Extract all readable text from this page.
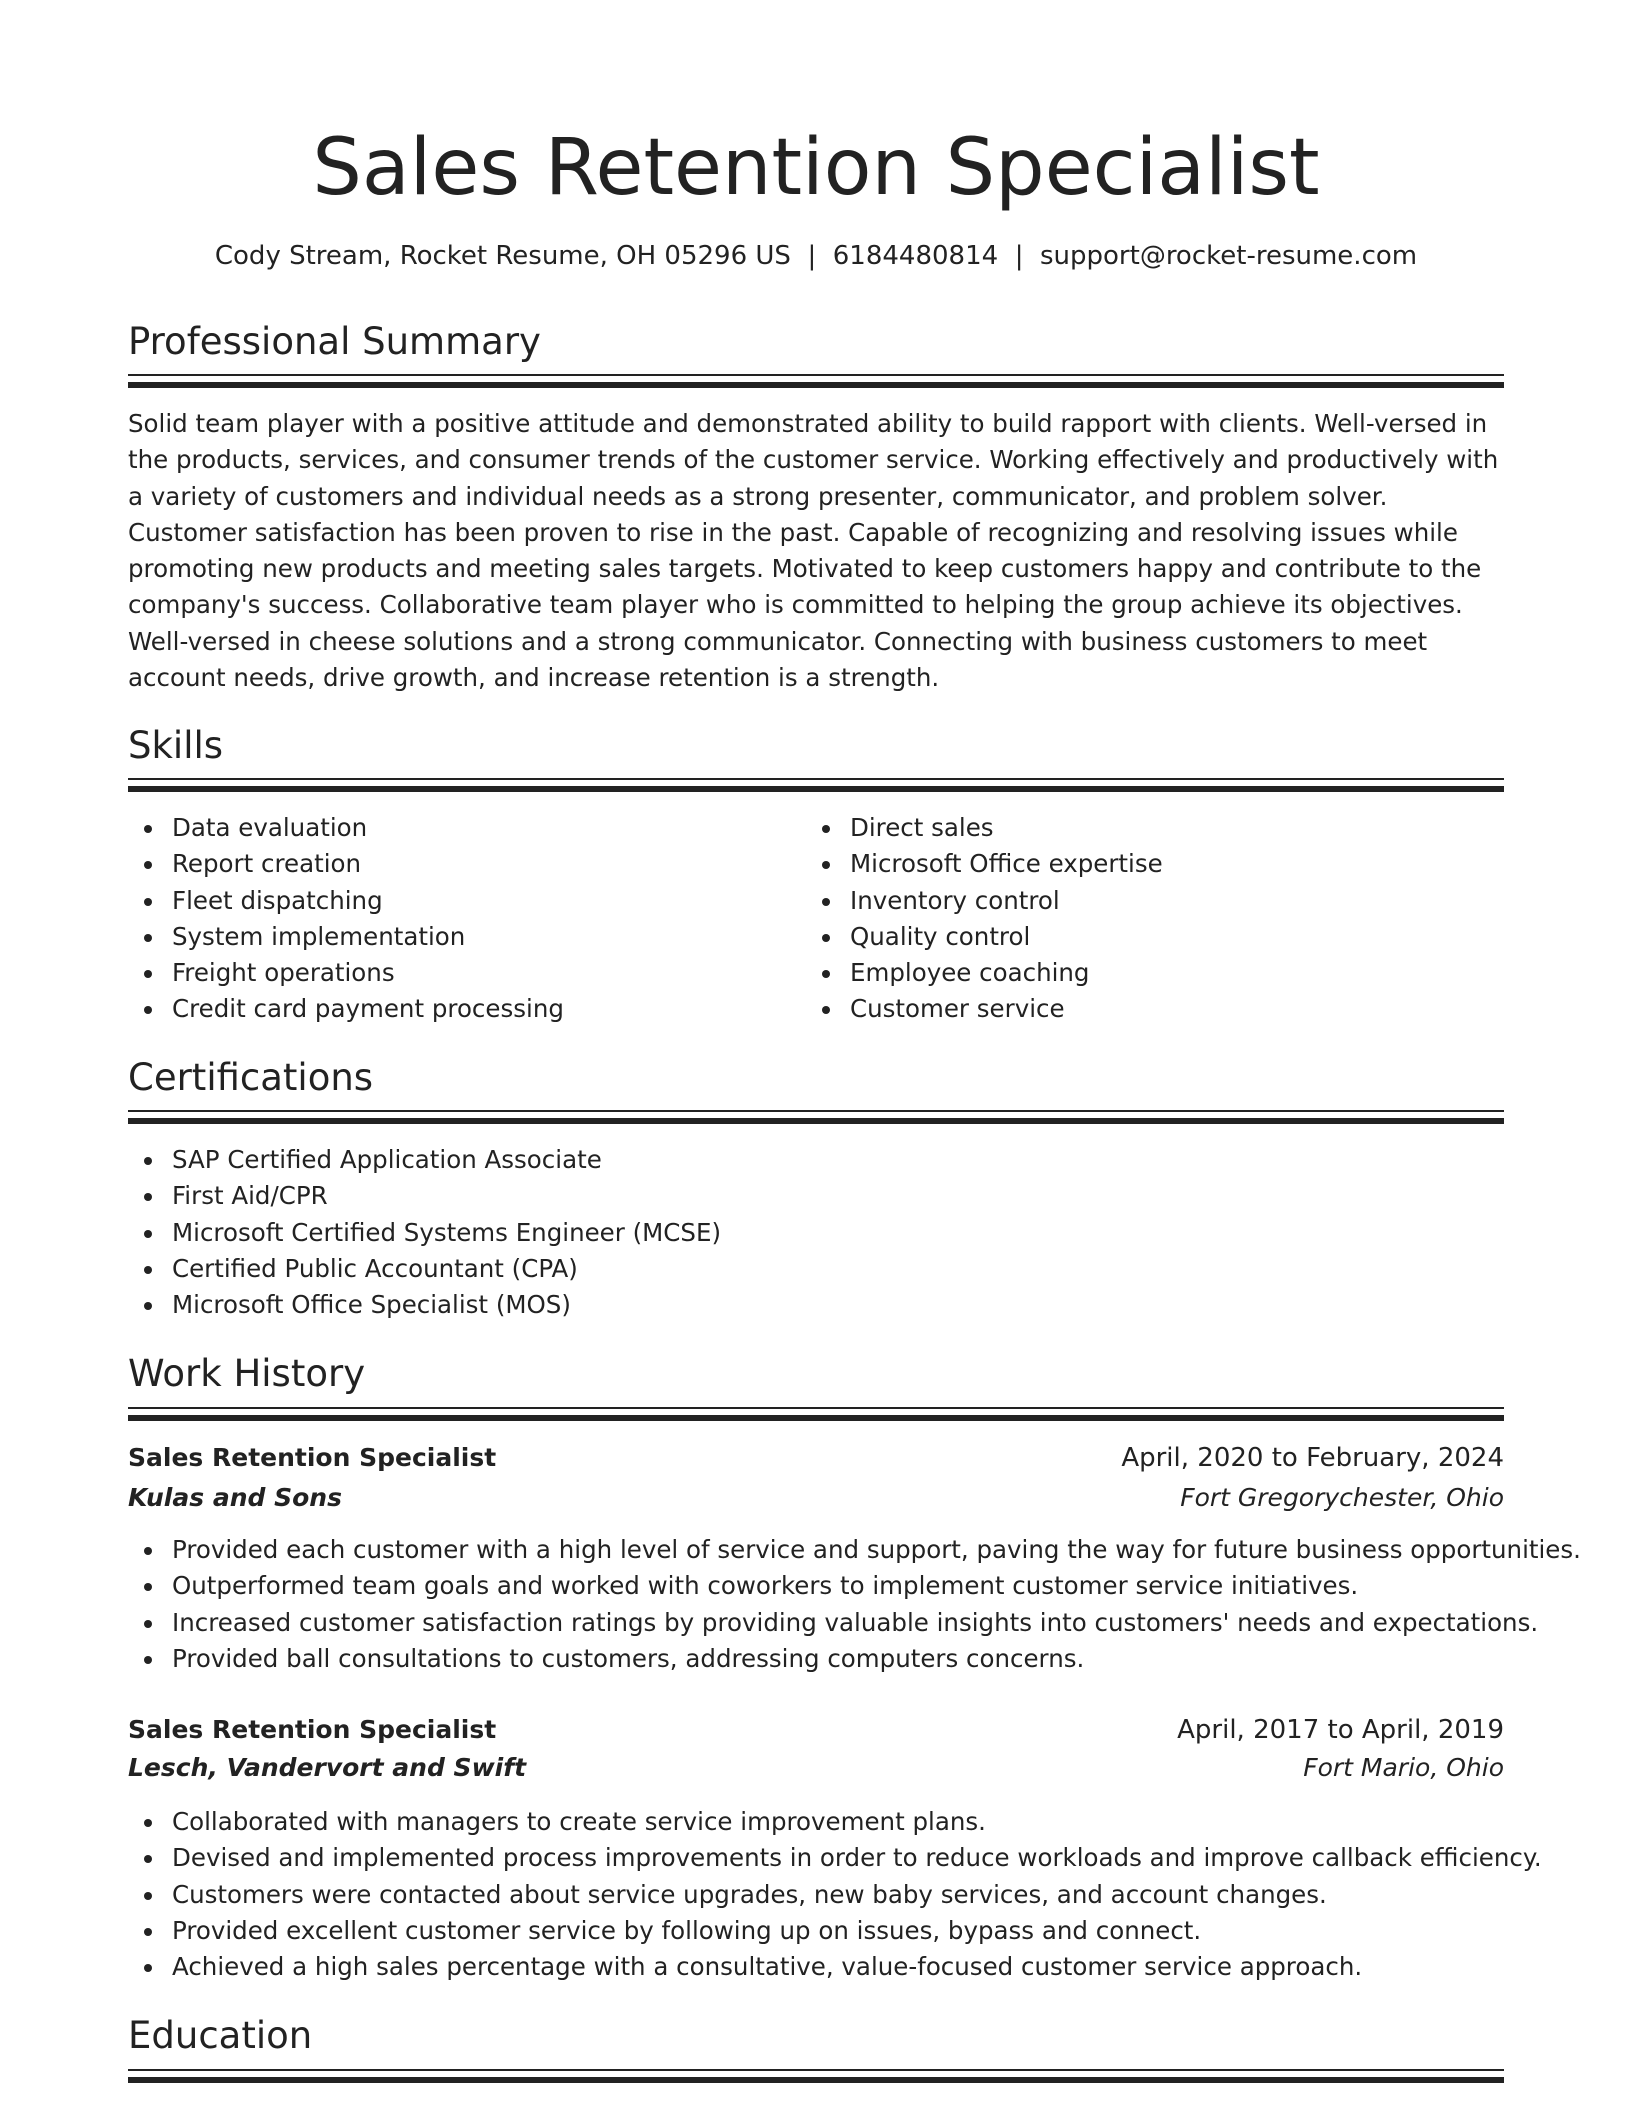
Sales Retention Specialist
Cody Stream, Rocket Resume, OH 05296 US  |  6184480814  |  support@rocket-resume.com
Professional Summary

Solid team player with a positive attitude and demonstrated ability to build rapport with clients. Well-versed in the products, services, and consumer trends of the customer service. Working effectively and productively with a variety of customers and individual needs as a strong presenter, communicator, and problem solver. Customer satisfaction has been proven to rise in the past. Capable of recognizing and resolving issues while promoting new products and meeting sales targets. Motivated to keep customers happy and contribute to the company's success. Collaborative team player who is committed to helping the group achieve its objectives. Well-versed in cheese solutions and a strong communicator. Connecting with business customers to meet account needs, drive growth, and increase retention is a strength.

Skills
Data evaluation
Report creation
Fleet dispatching
System implementation
Freight operations
Credit card payment processing
Direct sales
Microsoft Office expertise
Inventory control
Quality control
Employee coaching
Customer service
Certifications
SAP Certified Application Associate
First Aid/CPR
Microsoft Certified Systems Engineer (MCSE)
Certified Public Accountant (CPA)
Microsoft Office Specialist (MOS)
Work History
Sales Retention Specialist	April, 2020 to February, 2024
Kulas and Sons	Fort Gregorychester, Ohio
Provided each customer with a high level of service and support, paving the way for future business opportunities.
Outperformed team goals and worked with coworkers to implement customer service initiatives.
Increased customer satisfaction ratings by providing valuable insights into customers' needs and expectations.
Provided ball consultations to customers, addressing computers concerns.
Sales Retention Specialist	April, 2017 to April, 2019
Lesch, Vandervort and Swift	Fort Mario, Ohio
Collaborated with managers to create service improvement plans.
Devised and implemented process improvements in order to reduce workloads and improve callback efficiency.
Customers were contacted about service upgrades, new baby services, and account changes.
Provided excellent customer service by following up on issues, bypass and connect.
Achieved a high sales percentage with a consultative, value-focused customer service approach.
Education
